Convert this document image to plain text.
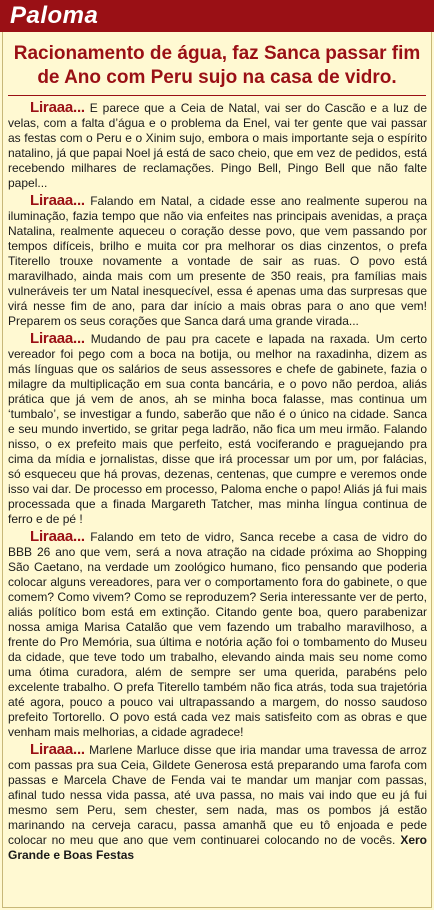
Paloma
Racionamento de água, faz Sanca passar fim de Ano com Peru sujo na casa de vidro.

Liraaa... E parece que a Ceia de Natal, vai ser do Cascão e a luz de velas, com a falta d’água e o problema da Enel, vai ter gente que vai passar as festas com o Peru e o Xinim sujo, embora o mais importante seja o espírito natalino, já que papai Noel já está de saco cheio, que em vez de pedidos, está recebendo milhares de reclamações. Pingo Bell, Pingo Bell que não falte papel...

Liraaa... Falando em Natal, a cidade esse ano realmente superou na iluminação, fazia tempo que não via enfeites nas principais avenidas, a praça Natalina, realmente aqueceu o coração desse povo, que vem passando por tempos difíceis, brilho e muita cor pra melhorar os dias cinzentos, o prefa Titerello trouxe novamente a vontade de sair as ruas. O povo está maravilhado, ainda mais com um presente de 350 reais, pra famílias mais vulneráveis ter um Natal inesquecível, essa é apenas uma das surpresas que virá nesse fim de ano, para dar início a mais obras para o ano que vem! Preparem os seus corações que Sanca dará uma grande virada...

Liraaa... Mudando de pau pra cacete e lapada na raxada. Um certo vereador foi pego com a boca na botija, ou melhor na raxadinha, dizem as más línguas que os salários de seus assessores e chefe de gabinete, fazia o milagre da multiplicação em sua conta bancária, e o povo não perdoa, aliás prática que já vem de anos, ah se minha boca falasse, mas continua um ‘tumbalo’, se investigar a fundo, saberão que não é o único na cidade. Sanca e seu mundo invertido, se gritar pega ladrão, não fica um meu irmão. Falando nisso, o ex prefeito mais que perfeito, está vociferando e praguejando pra cima da mídia e jornalistas, disse que irá processar um por um, por falácias, só esqueceu que há provas, dezenas, centenas, que cumpre e veremos onde isso vai dar. De processo em processo, Paloma enche o papo! Aliás já fui mais processada que a finada Margareth Tatcher, mas minha língua continua de ferro e de pé !

Liraaa... Falando em teto de vidro, Sanca recebe a casa de vidro do BBB 26 ano que vem, será a nova atração na cidade próxima ao Shopping São Caetano, na verdade um zoológico humano, fico pensando que poderia colocar alguns vereadores, para ver o comportamento fora do gabinete, o que comem? Como vivem? Como se reproduzem? Seria interessante ver de perto, aliás político bom está em extinção. Citando gente boa, quero parabenizar nossa amiga Marisa Catalão que vem fazendo um trabalho maravilhoso, a frente do Pro Memória, sua última e notória ação foi o tombamento do Museu da cidade, que teve todo um trabalho, elevando ainda mais seu nome como uma ótima curadora, além de sempre ser uma querida, parabéns pelo excelente trabalho. O prefa Titerello também não fica atrás, toda sua trajetória até agora, pouco a pouco vai ultrapassando a margem, do nosso saudoso prefeito Tortorello. O povo está cada vez mais satisfeito com as obras e que venham mais melhorias, a cidade agradece!

Liraaa... Marlene Marluce disse que iria mandar uma travessa de arroz com passas pra sua Ceia, Gildete Generosa está preparando uma farofa com passas e Marcela Chave de Fenda vai te mandar um manjar com passas, afinal tudo nessa vida passa, até uva passa, no mais vai indo que eu já fui mesmo sem Peru, sem chester, sem nada, mas os pombos já estão marinando na cerveja caracu, passa amanhã que eu tô enjoada e pede colocar no meu que ano que vem continuarei colocando no de vocês. Xero Grande e Boas Festas
